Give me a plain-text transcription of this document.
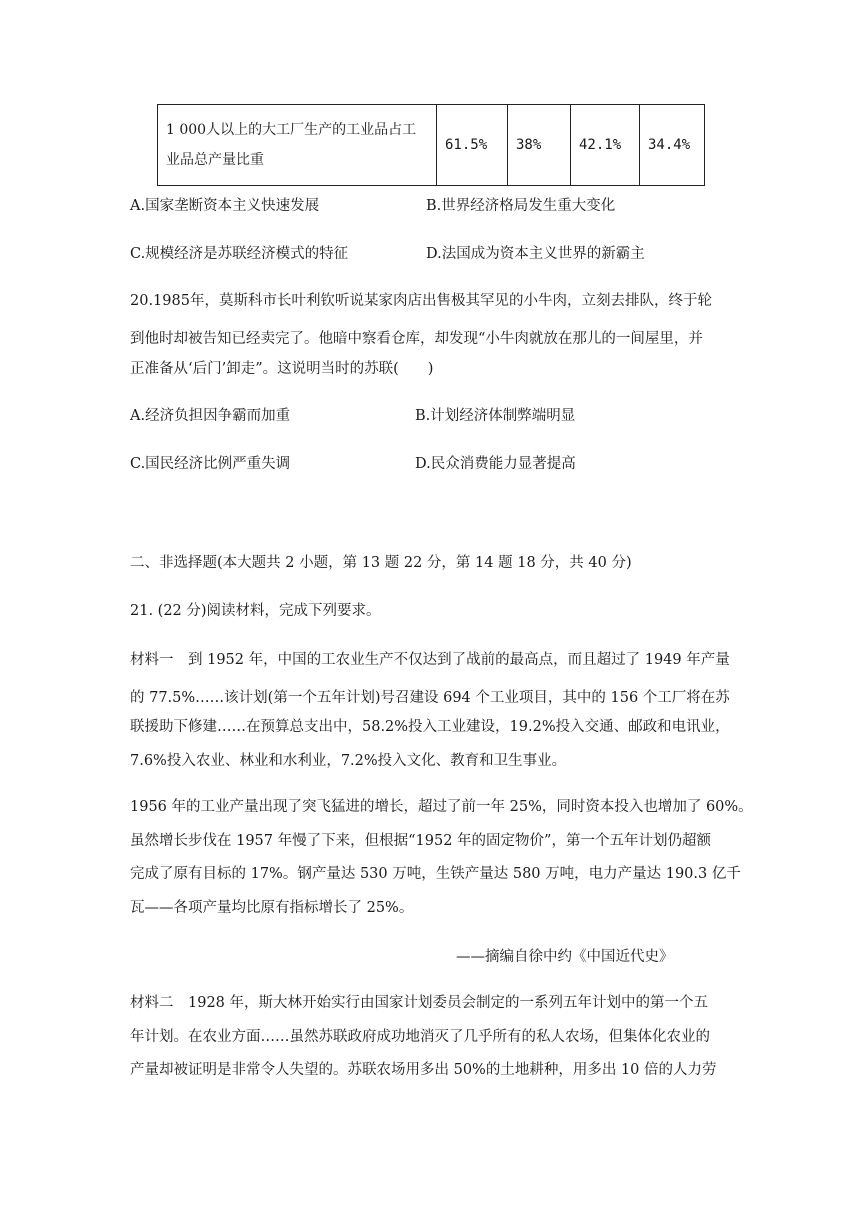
1 000人以上的大工厂生产的工业品占工
业品总产量比重
	61.5%	38%	42.1%	34.4%
A.国家垄断资本主义快速发展	B.世界经济格局发生重大变化
C.规模经济是苏联经济模式的特征	D.法国成为资本主义世界的新霸主
20.1985年，莫斯科市长叶利钦听说某家肉店出售极其罕见的小牛肉，立刻去排队，终于轮
到他时却被告知已经卖完了。他暗中察看仓库，却发现“小牛肉就放在那儿的一间屋里，并
正准备从‘后门’卸走”。这说明当时的苏联(　　)
A.经济负担因争霸而加重	B.计划经济体制弊端明显
C.国民经济比例严重失调	D.民众消费能力显著提高
二、非选择题(本大题共 2 小题，第 13 题 22 分，第 14 题 18 分，共 40 分)
21. (22 分)阅读材料，完成下列要求。
材料一　到 1952 年，中国的工农业生产不仅达到了战前的最高点，而且超过了 1949 年产量
的 77.5%……该计划(第一个五年计划)号召建设 694 个工业项目，其中的 156 个工厂将在苏
联援助下修建……在预算总支出中，58.2%投入工业建设，19.2%投入交通、邮政和电讯业，
7.6%投入农业、林业和水利业，7.2%投入文化、教育和卫生事业。
1956 年的工业产量出现了突飞猛进的增长，超过了前一年 25%，同时资本投入也增加了 60%。
虽然增长步伐在 1957 年慢了下来，但根据“1952 年的固定物价”，第一个五年计划仍超额
完成了原有目标的 17%。钢产量达 530 万吨，生铁产量达 580 万吨，电力产量达 190.3 亿千
瓦——各项产量均比原有指标增长了 25%。
——摘编自徐中约《中国近代史》
材料二　1928 年，斯大林开始实行由国家计划委员会制定的一系列五年计划中的第一个五
年计划。在农业方面……虽然苏联政府成功地消灭了几乎所有的私人农场，但集体化农业的
产量却被证明是非常令人失望的。苏联农场用多出 50%的土地耕种，用多出 10 倍的人力劳
